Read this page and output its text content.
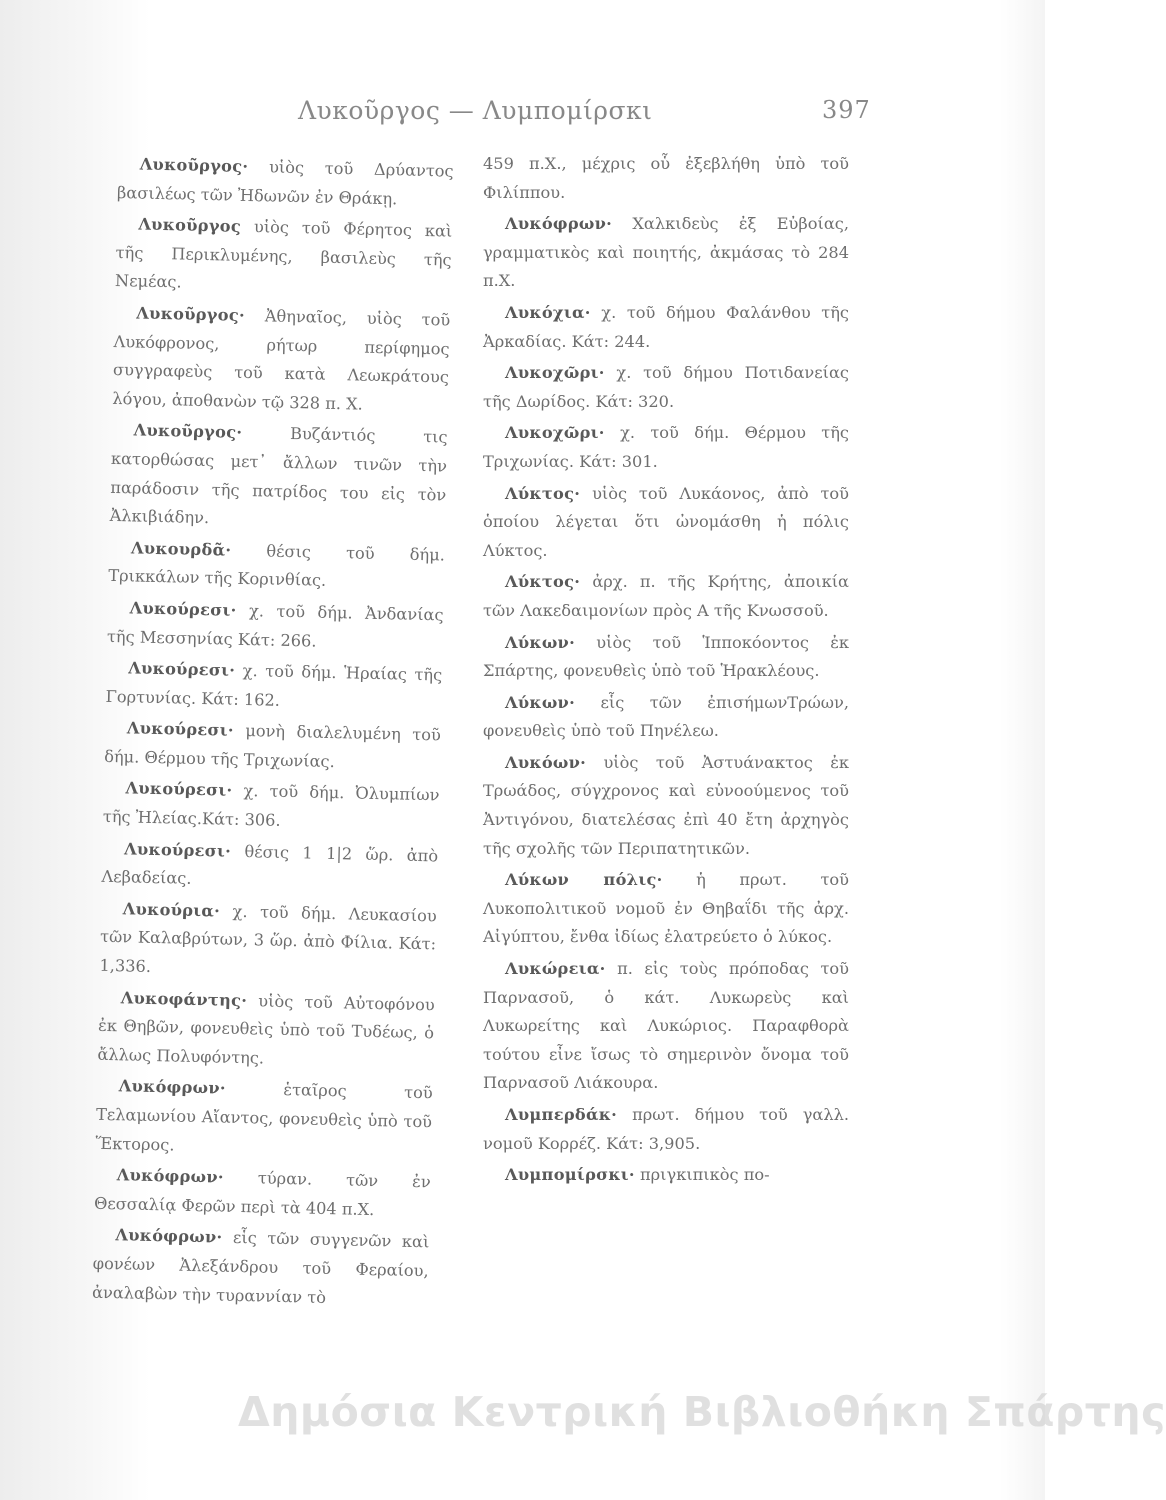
Λυκοῦργος — Λυμπομίρσκι	397

Λυκοῦργος· υἱὸς τοῦ Δρύαντος βασιλέως τῶν Ἠδωνῶν ἐν Θράκῃ.

Λυκοῦργος υἱὸς τοῦ Φέρητος καὶ τῆς Περικλυμένης, βασιλεὺς τῆς Νεμέας.

Λυκοῦργος· Ἀθηναῖος, υἱὸς τοῦ Λυκόφρονος, ρήτωρ περίφημος συγγραφεὺς τοῦ κατὰ Λεωκράτους λόγου, ἀποθανὼν τῷ 328 π. Χ.

Λυκοῦργος·	Βυζάντιός τις κατορθώσας μετ᾽ ἄλλων τινῶν τὴν παράδοσιν τῆς πατρίδος του εἰς τὸν Ἀλκιβιάδην.

Λυκουρδᾶ· θέσις τοῦ δήμ. Τρικκάλων τῆς Κορινθίας.

Λυκούρεσι· χ. τοῦ δήμ. Ἀνδανίας τῆς Μεσσηνίας Κάτ: 266.

Λυκούρεσι· χ. τοῦ δήμ. Ἡραίας τῆς Γορτυνίας. Κάτ: 162.

Λυκούρεσι· μονὴ διαλελυμένη τοῦ δήμ. Θέρμου τῆς Τριχωνίας.

Λυκούρεσι· χ. τοῦ δήμ. Ὀλυμπίων τῆς Ἠλείας.Κάτ: 306.

Λυκούρεσι· θέσις 1 1|2 ὥρ. ἀπὸ Λεβαδείας.

Λυκούρια· χ. τοῦ δήμ. Λευκασίου τῶν Καλαβρύτων, 3 ὥρ. ἀπὸ Φίλια. Κάτ: 1,336.

Λυκοφάντης· υἱὸς τοῦ Αὐτοφόνου ἐκ Θηβῶν, φονευθεὶς ὑπὸ τοῦ Τυδέως, ὁ ἄλλως Πολυφόντης.

Λυκόφρων·	ἑταῖρος τοῦ Τελαμωνίου Αἴαντος, φονευθεὶς ὑπὸ τοῦ Ἕκτορος.

Λυκόφρων· τύραν. τῶν ἐν Θεσσαλίᾳ Φερῶν περὶ τὰ 404 π.Χ.

Λυκόφρων· εἷς τῶν συγγενῶν καὶ φονέων Ἀλεξάνδρου τοῦ Φεραίου, ἀναλαβὼν τὴν τυραννίαν τὸ

459 π.Χ., μέχρις οὗ ἐξεβλήθη ὑπὸ τοῦ Φιλίππου.

Λυκόφρων· Χαλκιδεὺς ἐξ Εὐβοίας, γραμματικὸς καὶ ποιητής, ἀκμάσας τὸ 284 π.Χ.

Λυκόχια· χ. τοῦ δήμου Φαλάνθου τῆς Ἀρκαδίας. Κάτ: 244.

Λυκοχῶρι· χ. τοῦ δήμου Ποτιδανείας τῆς Δωρίδος. Κάτ: 320.

Λυκοχῶρι· χ. τοῦ δήμ. Θέρμου τῆς Τριχωνίας. Κάτ: 301.

Λύκτος· υἱὸς τοῦ Λυκάονος, ἀπὸ τοῦ ὁποίου λέγεται ὅτι ὠνομάσθη ἡ πόλις Λύκτος.

Λύκτος· ἀρχ. π. τῆς Κρήτης, ἀποικία τῶν Λακεδαιμονίων πρὸς Α τῆς Κνωσσοῦ.

Λύκων· υἱὸς τοῦ Ἱπποκόοντος ἐκ Σπάρτης, φονευθεὶς ὑπὸ τοῦ Ἡρακλέους.

Λύκων· εἷς τῶν ἐπισήμωνΤρώων, φονευθεὶς ὑπὸ τοῦ Πηνέλεω.

Λυκόων· υἱὸς τοῦ Ἀστυάνακτος ἐκ Τρωάδος, σύγχρονος καὶ εὐνοούμενος τοῦ Ἀντιγόνου, διατελέσας ἐπὶ 40 ἔτη ἀρχηγὸς τῆς σχολῆς τῶν Περιπατητικῶν.

Λύκων πόλις· ἡ πρωτ. τοῦ Λυκοπολιτικοῦ νομοῦ ἐν Θηβαΐδι τῆς ἀρχ. Αἰγύπτου, ἔνθα ἰδίως ἐλατρεύετο ὁ λύκος.

Λυκώρεια· π. εἰς τοὺς πρόποδας τοῦ Παρνασοῦ, ὁ κάτ. Λυκωρεὺς καὶ Λυκωρείτης καὶ Λυκώριος. Παραφθορὰ τούτου εἶνε ἴσως τὸ σημερινὸν ὄνομα τοῦ Παρνασοῦ Λιάκουρα.

Λυμπερδάκ· πρωτ. δήμου τοῦ γαλλ. νομοῦ Κορρέζ. Κάτ: 3,905.

Λυμπομίρσκι· πριγκιπικὸς πο-

Δημόσια Κεντρική Βιβλιοθήκη Σπάρτης
